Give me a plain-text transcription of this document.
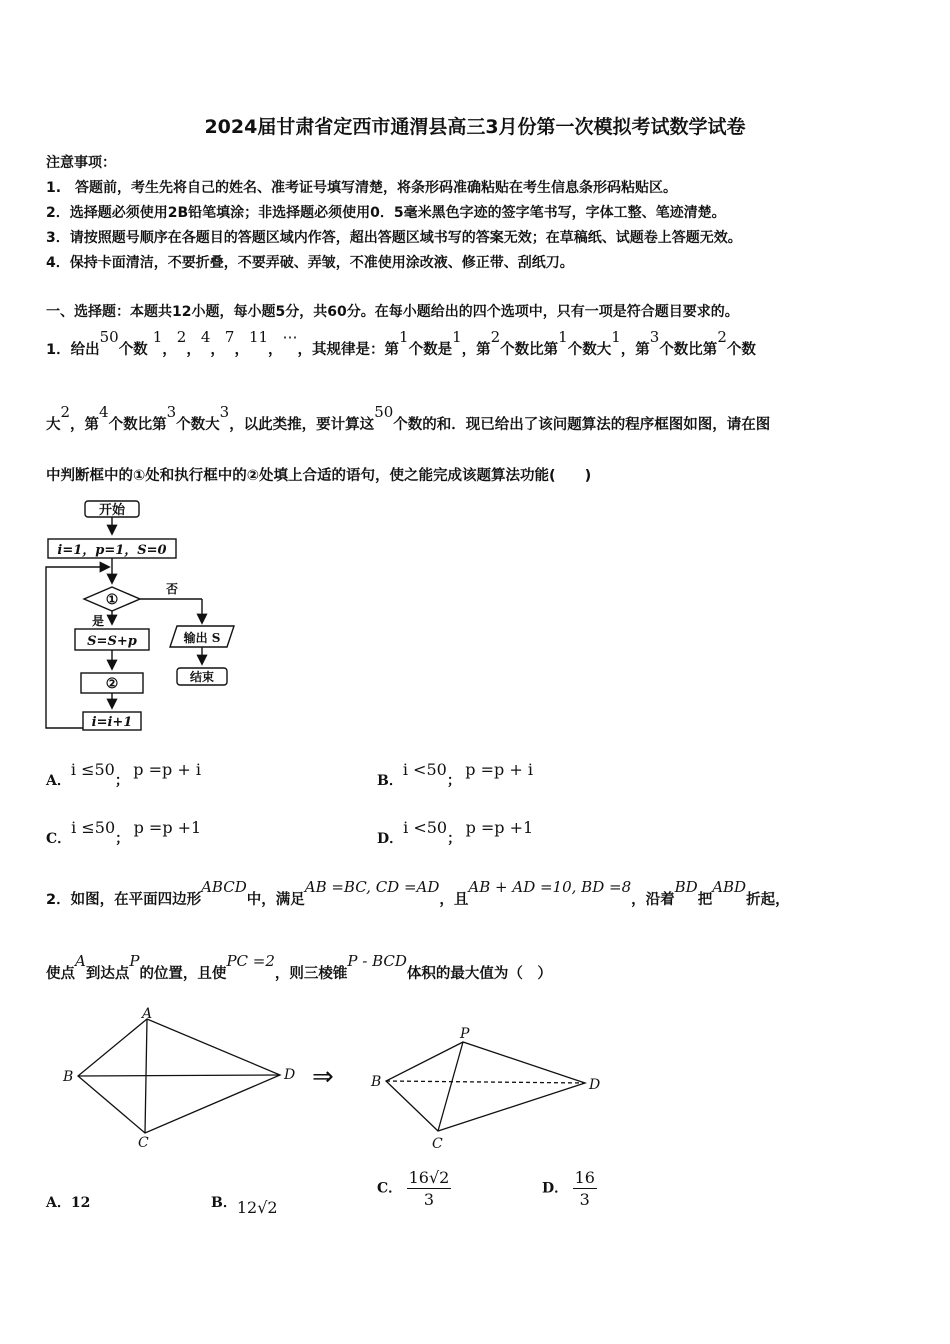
2024届甘肃省定西市通渭县高三3月份第一次模拟考试数学试卷
注意事项：
1.　答题前，考生先将自己的姓名、准考证号填写清楚，将条形码准确粘贴在考生信息条形码粘贴区。
2．选择题必须使用2B铅笔填涂；非选择题必须使用0．5毫米黑色字迹的签字笔书写，字体工整、笔迹清楚。
3．请按照题号顺序在各题目的答题区域内作答，超出答题区域书写的答案无效；在草稿纸、试题卷上答题无效。
4．保持卡面清洁，不要折叠，不要弄破、弄皱，不准使用涂改液、修正带、刮纸刀。
一、选择题：本题共12小题，每小题5分，共60分。在每小题给出的四个选项中，只有一项是符合题目要求的。
1．给出50个数 1，2，4，7，11，⋯，其规律是：第1个数是1，第2个数比第1个数大1，第3个数比第2个数
大2，第4个数比第3个数大3，以此类推，要计算这50个数的和．现已给出了该问题算法的程序框图如图，请在图
中判断框中的①处和执行框中的②处填上合适的语句，使之能完成该题算法功能(　　)
开始
i=1，p=1，S=0
①
否
是
S=S+p
②
i=i+1
输出 S
结束
A．i ≤50； p =p + i
B．i <50； p =p + i
C．i ≤50； p =p +1
D．i <50； p =p +1
2．如图，在平面四边形ABCD中，满足AB =BC, CD =AD，且AB + AD =10, BD =8，沿着BD把ABD折起，
使点A到达点P的位置，且使PC =2，则三棱锥P - BCD体积的最大值为（　）
A
B
C
D ⇒
P
B
C
D
A．12	B．12√2
C． $\frac{16√2}{3}$	D． $\frac{16}{3}$
